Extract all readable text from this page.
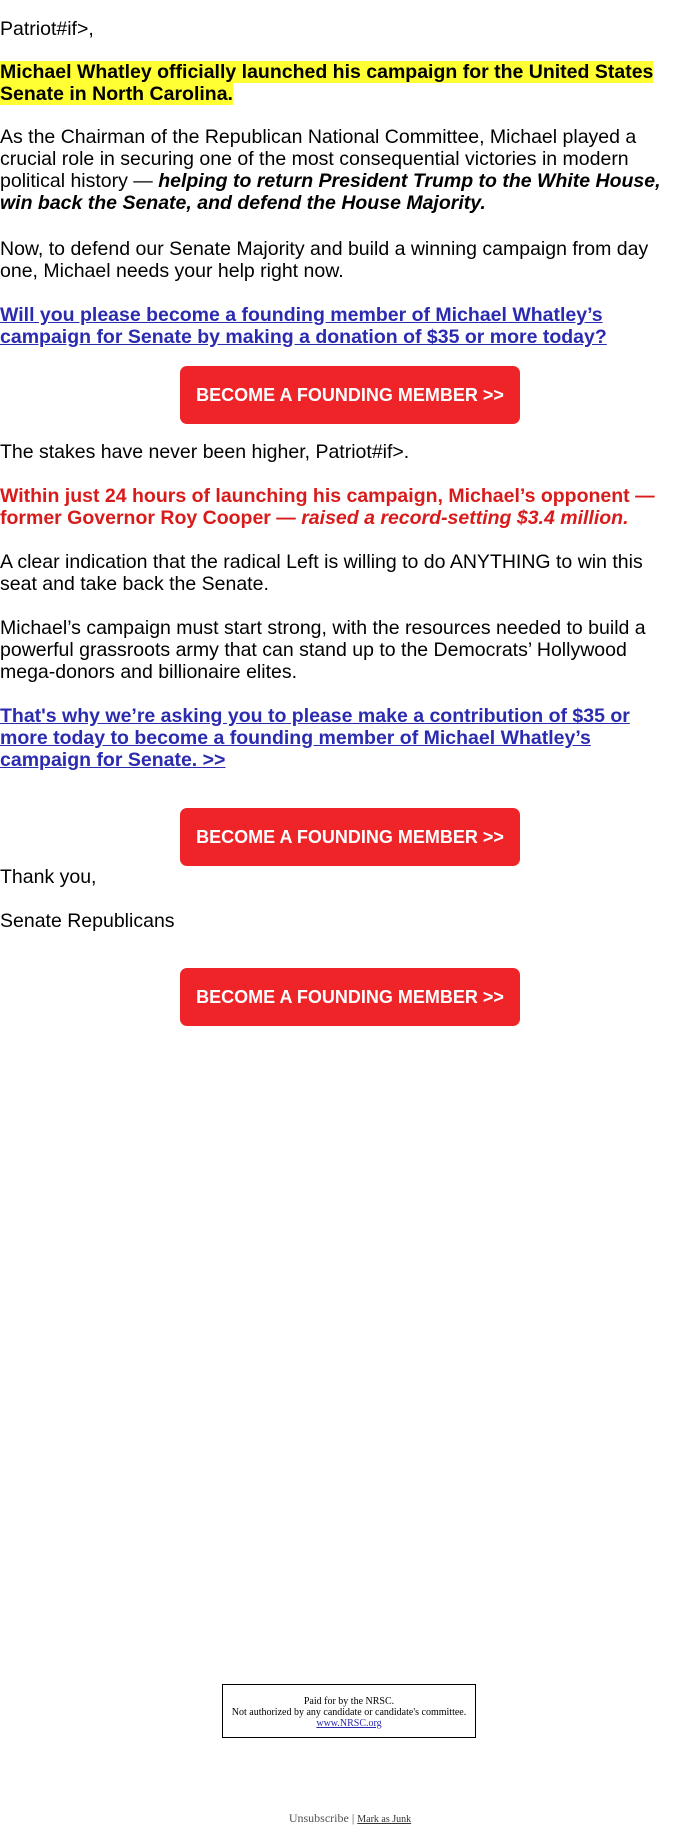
Patriot#if>,

Michael Whatley officially launched his campaign for the United States Senate in North Carolina.

As the Chairman of the Republican National Committee, Michael played a crucial role in securing one of the most consequential victories in modern political history — helping to return President Trump to the White House, win back the Senate, and defend the House Majority.

Now, to defend our Senate Majority and build a winning campaign from day one, Michael needs your help right now.

Will you please become a founding member of Michael Whatley’s campaign for Senate by making a donation of $35 or more today?

BECOME A FOUNDING MEMBER >>

The stakes have never been higher, Patriot#if>.

Within just 24 hours of launching his campaign, Michael’s opponent — former Governor Roy Cooper — raised a record-setting $3.4 million.

A clear indication that the radical Left is willing to do ANYTHING to win this seat and take back the Senate.

Michael’s campaign must start strong, with the resources needed to build a powerful grassroots army that can stand up to the Democrats’ Hollywood mega-donors and billionaire elites.

That's why we’re asking you to please make a contribution of $35 or more today to become a founding member of Michael Whatley’s campaign for Senate. >>

BECOME A FOUNDING MEMBER >>

Thank you,

Senate Republicans

BECOME A FOUNDING MEMBER >>
Paid for by the NRSC.
Not authorized by any candidate or candidate's committee.
www.NRSC.org
Unsubscribe | Mark as Junk
